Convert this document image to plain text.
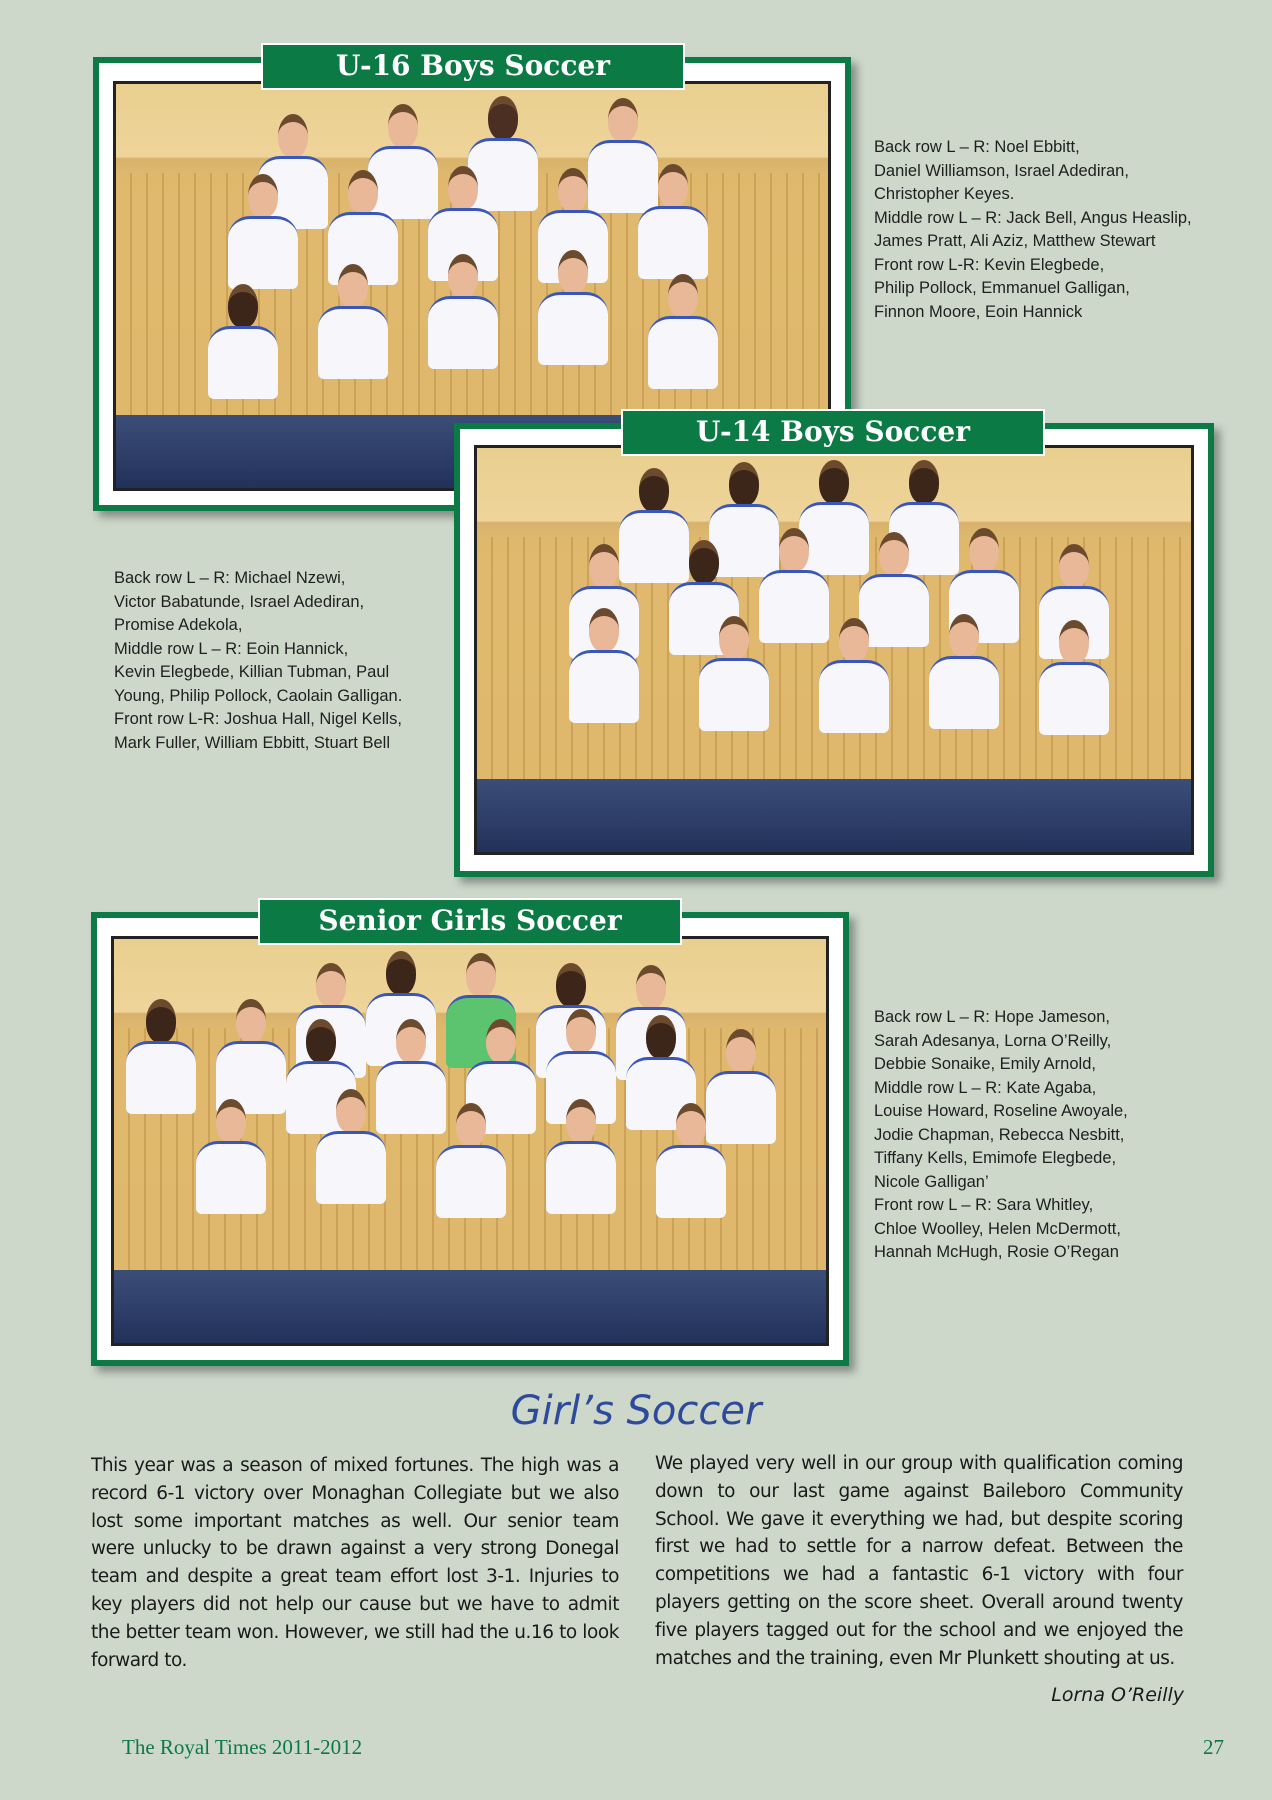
U-16 Boys Soccer
Back row L – R: Noel Ebbitt,
Daniel Williamson, Israel Adediran,
Christopher Keyes.
Middle row L – R: Jack Bell, Angus Heaslip,
James Pratt, Ali Aziz, Matthew Stewart
Front row L-R: Kevin Elegbede,
Philip Pollock, Emmanuel Galligan,
Finnon Moore, Eoin Hannick
U-14 Boys Soccer
Back row L – R: Michael Nzewi,
Victor Babatunde, Israel Adediran,
Promise Adekola,
Middle row L – R: Eoin Hannick,
Kevin Elegbede, Killian Tubman, Paul
Young, Philip Pollock, Caolain Galligan.
Front row L-R: Joshua Hall, Nigel Kells,
Mark Fuller, William Ebbitt, Stuart Bell
Senior Girls Soccer
Back row L – R: Hope Jameson,
Sarah Adesanya, Lorna O’Reilly,
Debbie Sonaike, Emily Arnold,
Middle row L – R: Kate Agaba,
Louise Howard, Roseline Awoyale,
Jodie Chapman, Rebecca Nesbitt,
Tiffany Kells, Emimofe Elegbede,
Nicole Galligan’
Front row L – R: Sara Whitley,
Chloe Woolley, Helen McDermott,
Hannah McHugh, Rosie O’Regan
Girl’s Soccer
This year was a season of mixed fortunes. The high was a record 6-1 victory over Monaghan Collegiate but we also lost some important matches as well. Our senior team were unlucky to be drawn against a very strong Donegal team and despite a great team effort lost 3-1. Injuries to key players did not help our cause but we have to admit the better team won. However, we still had the u.16 to look forward to.
We played very well in our group with qualification coming down to our last game against Baileboro Community School. We gave it everything we had, but despite scoring first we had to settle for a narrow defeat. Between the competitions we had a fantastic 6-1 victory with four players getting on the score sheet. Overall around twenty five players tagged out for the school and we enjoyed the matches and the training, even Mr Plunkett shouting at us.
Lorna O’Reilly
The Royal Times 2011-2012	27
